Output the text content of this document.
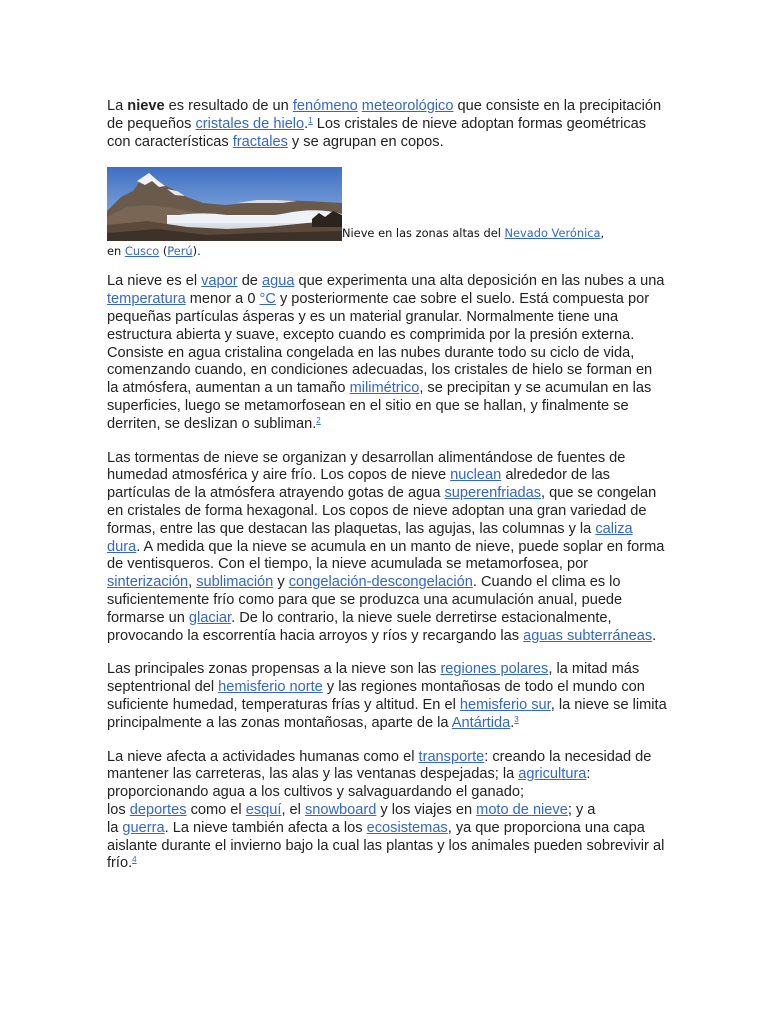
La nieve es resultado de un fenómeno meteorológico que consiste en la precipitación de pequeños cristales de hielo.$^1$ Los cristales de nieve adoptan formas geométricas con características fractales y se agrupan en copos.

Nieve en las zonas altas del Nevado Verónica,
en Cusco (Perú).

La nieve es el vapor de agua que experimenta una alta deposición en las nubes a una temperatura menor a 0 °C y posteriormente cae sobre el suelo. Está compuesta por pequeñas partículas ásperas y es un material granular. Normalmente tiene una estructura abierta y suave, excepto cuando es comprimida por la presión externa. Consiste en agua cristalina congelada en las nubes durante todo su ciclo de vida, comenzando cuando, en condiciones adecuadas, los cristales de hielo se forman en la atmósfera, aumentan a un tamaño milimétrico, se precipitan y se acumulan en las superficies, luego se metamorfosean en el sitio en que se hallan, y finalmente se derriten, se deslizan o subliman.$^2$

Las tormentas de nieve se organizan y desarrollan alimentándose de fuentes de humedad atmosférica y aire frío. Los copos de nieve nuclean alrededor de las partículas de la atmósfera atrayendo gotas de agua superenfriadas, que se congelan en cristales de forma hexagonal. Los copos de nieve adoptan una gran variedad de formas, entre las que destacan las plaquetas, las agujas, las columnas y la caliza dura. A medida que la nieve se acumula en un manto de nieve, puede soplar en forma de ventisqueros. Con el tiempo, la nieve acumulada se metamorfosea, por sinterización, sublimación y congelación-descongelación. Cuando el clima es lo suficientemente frío como para que se produzca una acumulación anual, puede formarse un glaciar. De lo contrario, la nieve suele derretirse estacionalmente, provocando la escorrentía hacia arroyos y ríos y recargando las aguas subterráneas.

Las principales zonas propensas a la nieve son las regiones polares, la mitad más septentrional del hemisferio norte y las regiones montañosas de todo el mundo con suficiente humedad, temperaturas frías y altitud. En el hemisferio sur, la nieve se limita principalmente a las zonas montañosas, aparte de la Antártida.$^3$

La nieve afecta a actividades humanas como el transporte: creando la necesidad de mantener las carreteras, las alas y las ventanas despejadas; la agricultura: proporcionando agua a los cultivos y salvaguardando el ganado;
los deportes como el esquí, el snowboard y los viajes en moto de nieve; y a
la guerra. La nieve también afecta a los ecosistemas, ya que proporciona una capa aislante durante el invierno bajo la cual las plantas y los animales pueden sobrevivir al frío.$^4$
